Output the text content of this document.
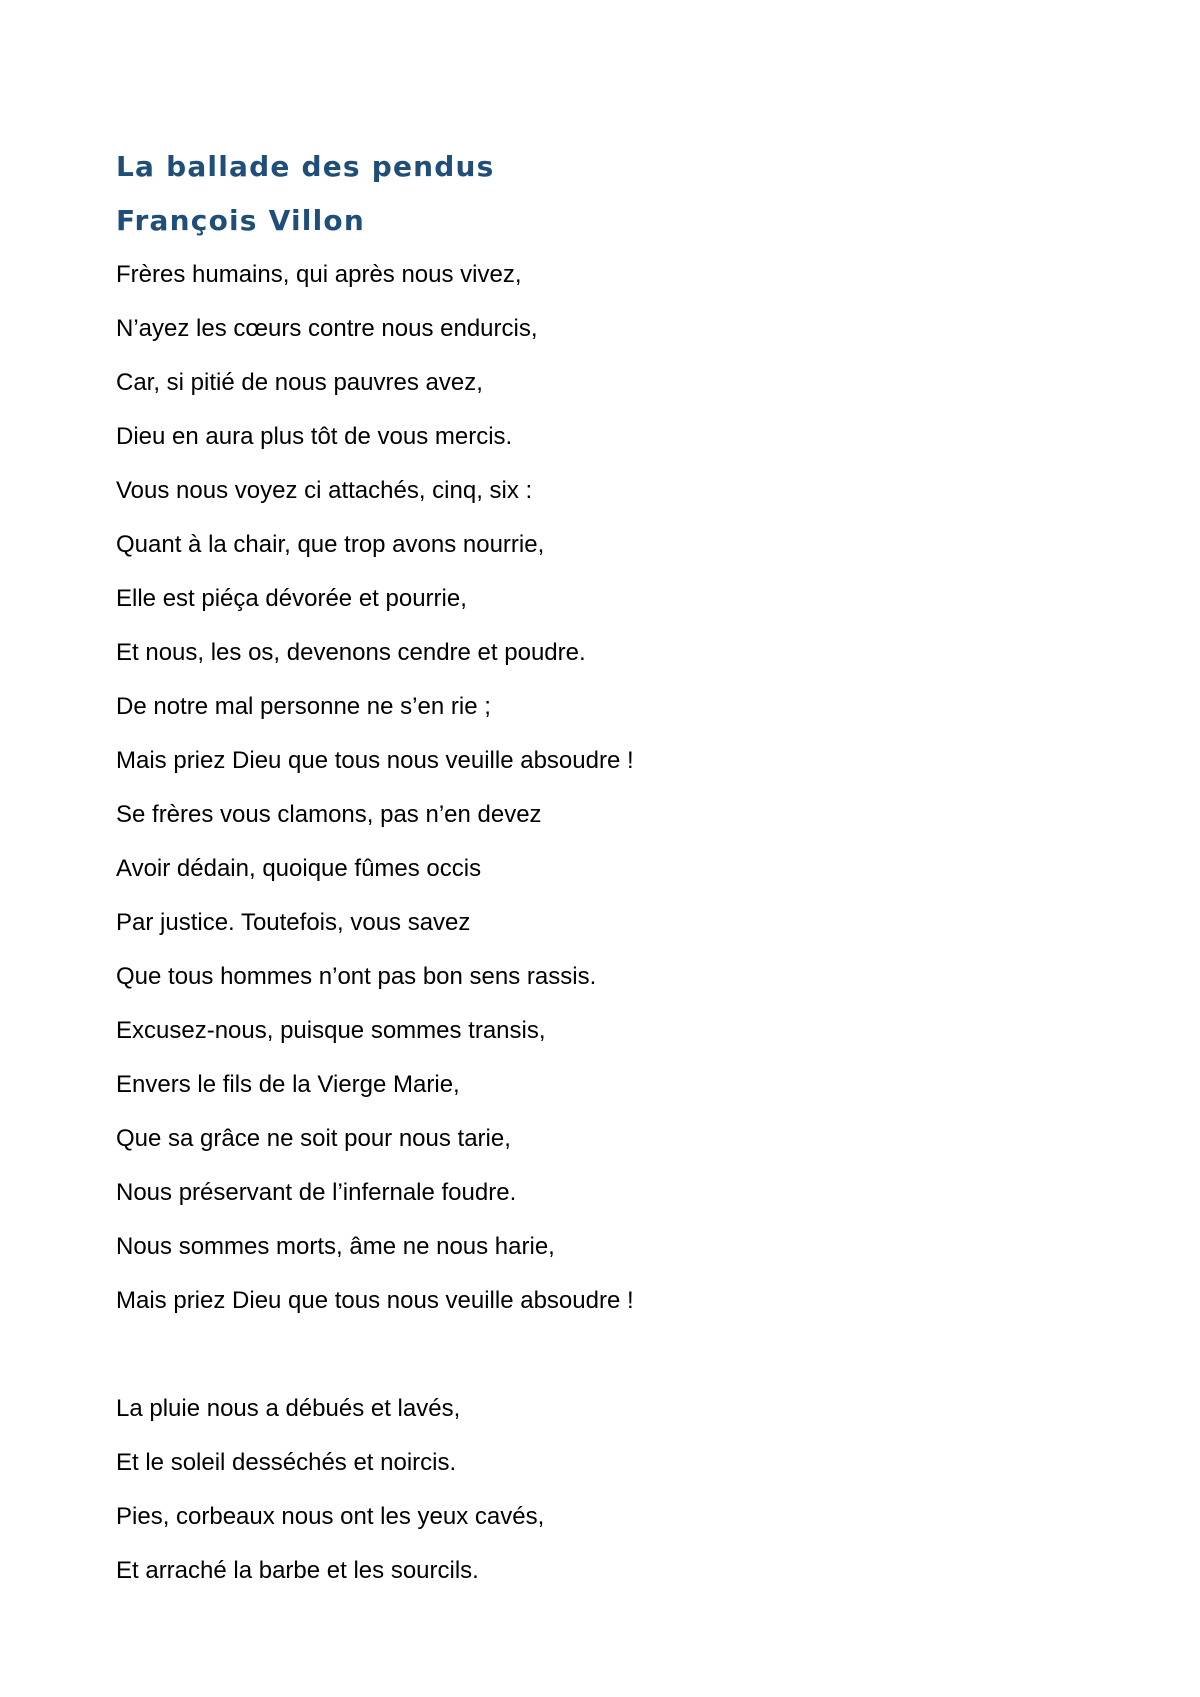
La ballade des pendus
François Villon
Frères humains, qui après nous vivez,
N’ayez les cœurs contre nous endurcis,
Car, si pitié de nous pauvres avez,
Dieu en aura plus tôt de vous mercis.
Vous nous voyez ci attachés, cinq, six :
Quant à la chair, que trop avons nourrie,
Elle est piéça dévorée et pourrie,
Et nous, les os, devenons cendre et poudre.
De notre mal personne ne s’en rie ;
Mais priez Dieu que tous nous veuille absoudre !
Se frères vous clamons, pas n’en devez
Avoir dédain, quoique fûmes occis
Par justice. Toutefois, vous savez
Que tous hommes n’ont pas bon sens rassis.
Excusez-nous, puisque sommes transis,
Envers le fils de la Vierge Marie,
Que sa grâce ne soit pour nous tarie,
Nous préservant de l’infernale foudre.
Nous sommes morts, âme ne nous harie,
Mais priez Dieu que tous nous veuille absoudre !
La pluie nous a débués et lavés,
Et le soleil desséchés et noircis.
Pies, corbeaux nous ont les yeux cavés,
Et arraché la barbe et les sourcils.
